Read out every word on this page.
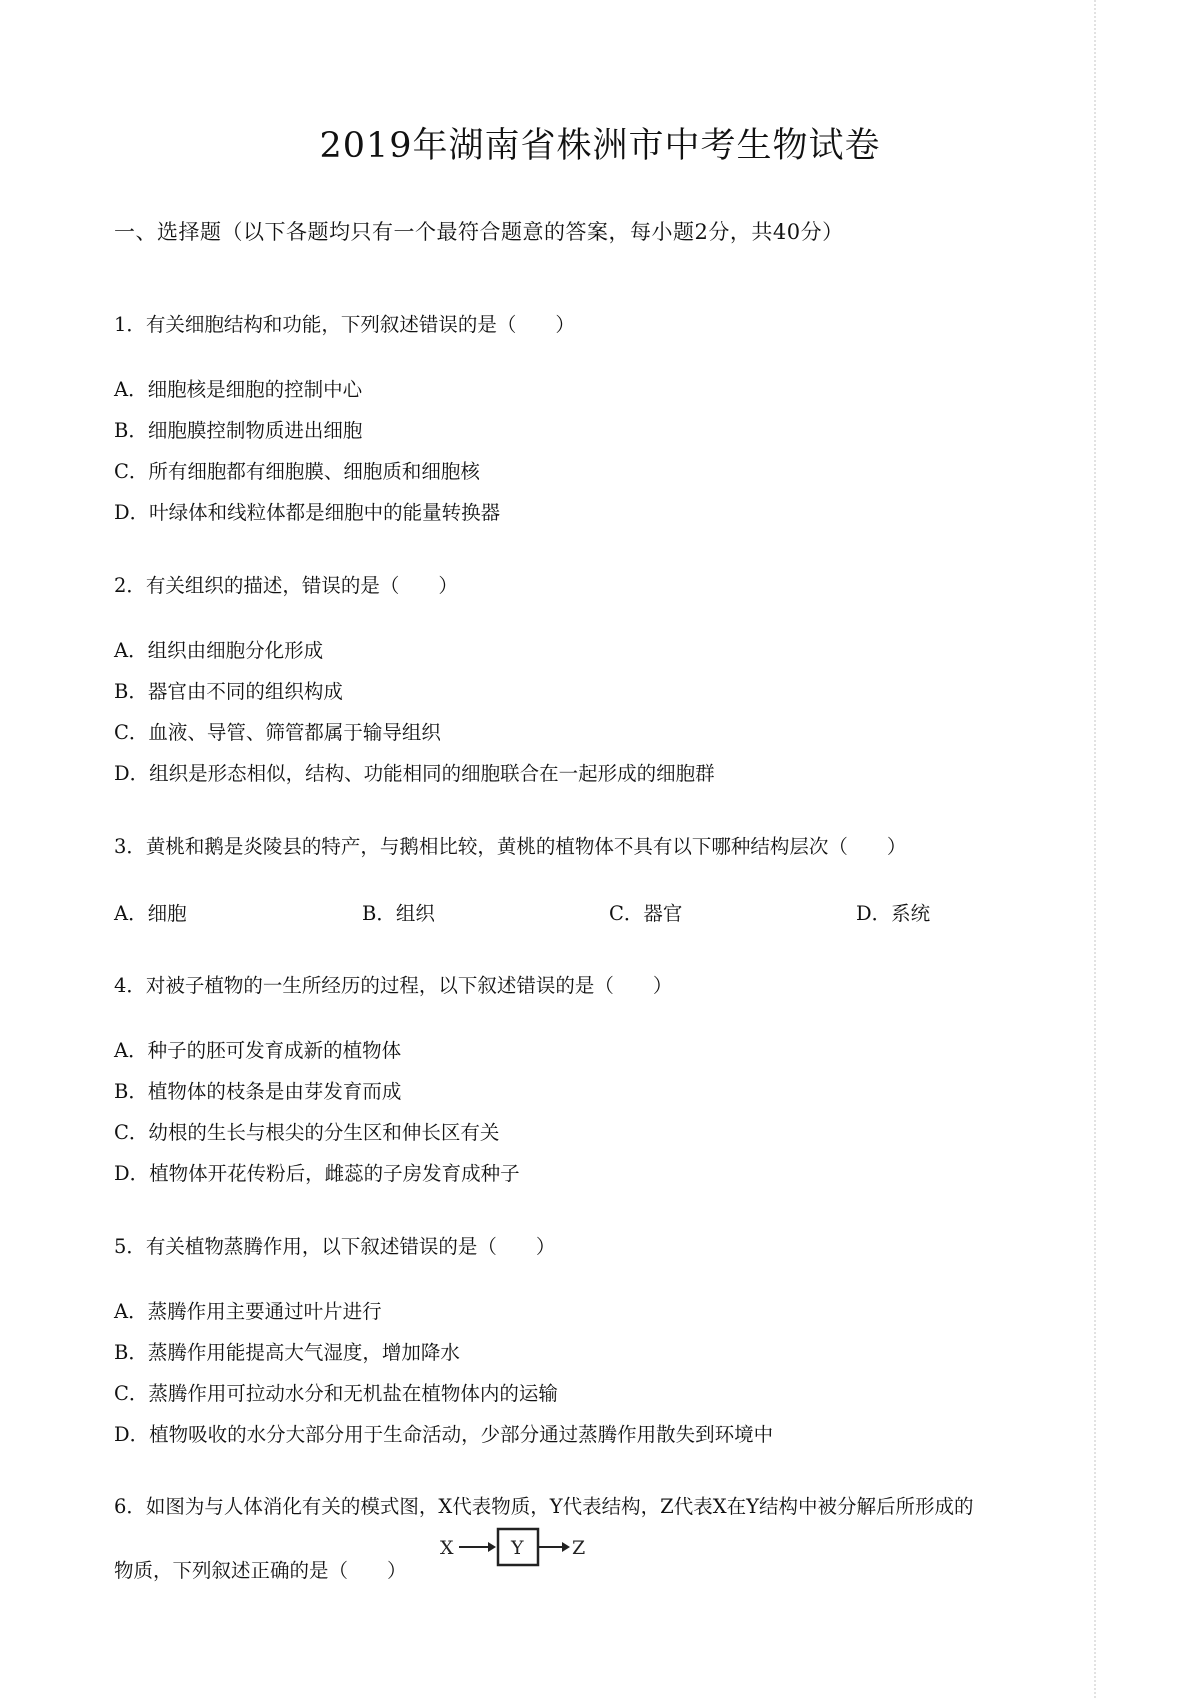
2019年湖南省株洲市中考生物试卷
一、选择题（以下各题均只有一个最符合题意的答案，每小题2分，共40分）
1．有关细胞结构和功能，下列叙述错误的是（　　）
A．细胞核是细胞的控制中心
B．细胞膜控制物质进出细胞
C．所有细胞都有细胞膜、细胞质和细胞核
D．叶绿体和线粒体都是细胞中的能量转换器
2．有关组织的描述，错误的是（　　）
A．组织由细胞分化形成
B．器官由不同的组织构成
C．血液、导管、筛管都属于输导组织
D．组织是形态相似，结构、功能相同的细胞联合在一起形成的细胞群
3．黄桃和鹅是炎陵县的特产，与鹅相比较，黄桃的植物体不具有以下哪种结构层次（　　）
A．细胞	B．组织	C．器官	D．系统
4．对被子植物的一生所经历的过程，以下叙述错误的是（　　）
A．种子的胚可发育成新的植物体
B．植物体的枝条是由芽发育而成
C．幼根的生长与根尖的分生区和伸长区有关
D．植物体开花传粉后，雌蕊的子房发育成种子
5．有关植物蒸腾作用，以下叙述错误的是（　　）
A．蒸腾作用主要通过叶片进行
B．蒸腾作用能提高大气湿度，增加降水
C．蒸腾作用可拉动水分和无机盐在植物体内的运输
D．植物吸收的水分大部分用于生命活动，少部分通过蒸腾作用散失到环境中
6．如图为与人体消化有关的模式图，X代表物质，Y代表结构，Z代表X在Y结构中被分解后所形成的
物质，下列叙述正确的是（　　）
X	Y	Z
